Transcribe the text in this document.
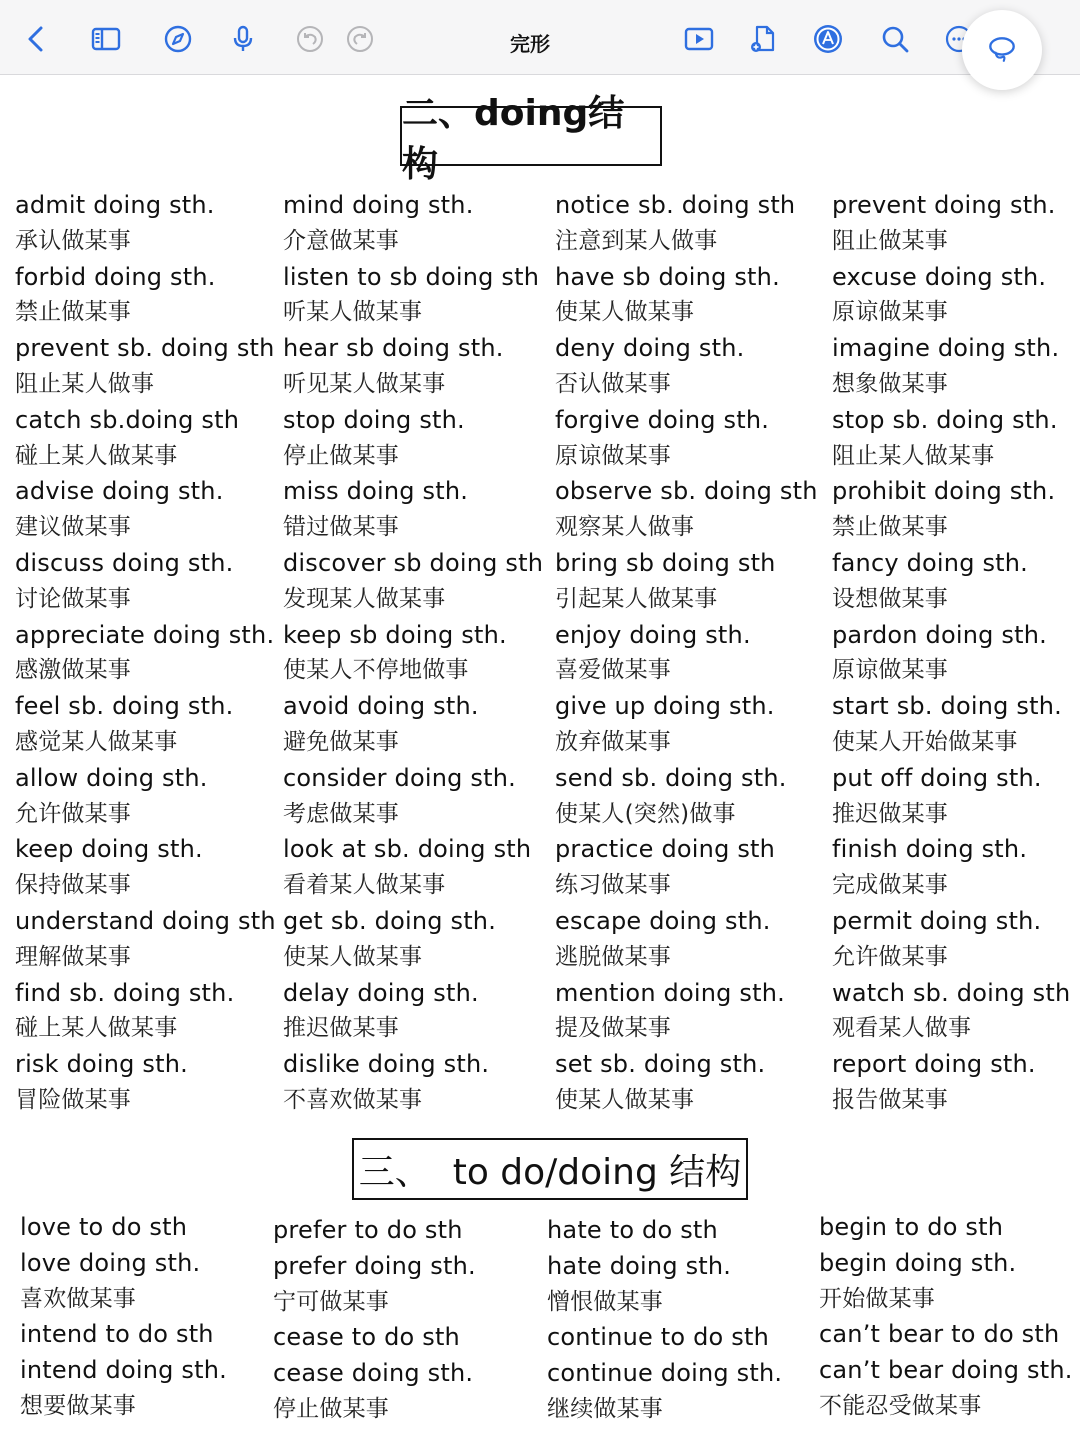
完形
二、doing结构
admit doing sth.
承认做某事
forbid doing sth.
禁止做某事
prevent sb. doing sth
阻止某人做事
catch sb.doing sth
碰上某人做某事
advise doing sth.
建议做某事
discuss doing sth.
讨论做某事
appreciate doing sth.
感激做某事
feel sb. doing sth.
感觉某人做某事
allow doing sth.
允许做某事
keep doing sth.
保持做某事
understand doing sth
理解做某事
find sb. doing sth.
碰上某人做某事
risk doing sth.
冒险做某事
mind doing sth.
介意做某事
listen to sb doing sth
听某人做某事
hear sb doing sth.
听见某人做某事
stop doing sth.
停止做某事
miss doing sth.
错过做某事
discover sb doing sth
发现某人做某事
keep sb doing sth.
使某人不停地做事
avoid doing sth.
避免做某事
consider doing sth.
考虑做某事
look at sb. doing sth
看着某人做某事
get sb. doing sth.
使某人做某事
delay doing sth.
推迟做某事
dislike doing sth.
不喜欢做某事
notice sb. doing sth
注意到某人做事
have sb doing sth.
使某人做某事
deny doing sth.
否认做某事
forgive doing sth.
原谅做某事
observe sb. doing sth
观察某人做事
bring sb doing sth
引起某人做某事
enjoy doing sth.
喜爱做某事
give up doing sth.
放弃做某事
send sb. doing sth.
使某人(突然)做事
practice doing sth
练习做某事
escape doing sth.
逃脱做某事
mention doing sth.
提及做某事
set sb. doing sth.
使某人做某事
prevent doing sth.
阻止做某事
excuse doing sth.
原谅做某事
imagine doing sth.
想象做某事
stop sb. doing sth.
阻止某人做某事
prohibit doing sth.
禁止做某事
fancy doing sth.
设想做某事
pardon doing sth.
原谅做某事
start sb. doing sth.
使某人开始做某事
put off doing sth.
推迟做某事
finish doing sth.
完成做某事
permit doing sth.
允许做某事
watch sb. doing sth
观看某人做事
report doing sth.
报告做某事
三、 to do/doing 结构
love to do sth
love doing sth.
喜欢做某事
intend to do sth
intend doing sth.
想要做某事
prefer to do sth
prefer doing sth.
宁可做某事
cease to do sth
cease doing sth.
停止做某事
hate to do sth
hate doing sth.
憎恨做某事
continue to do sth
continue doing sth.
继续做某事
begin to do sth
begin doing sth.
开始做某事
can’t bear to do sth
can’t bear doing sth.
不能忍受做某事
